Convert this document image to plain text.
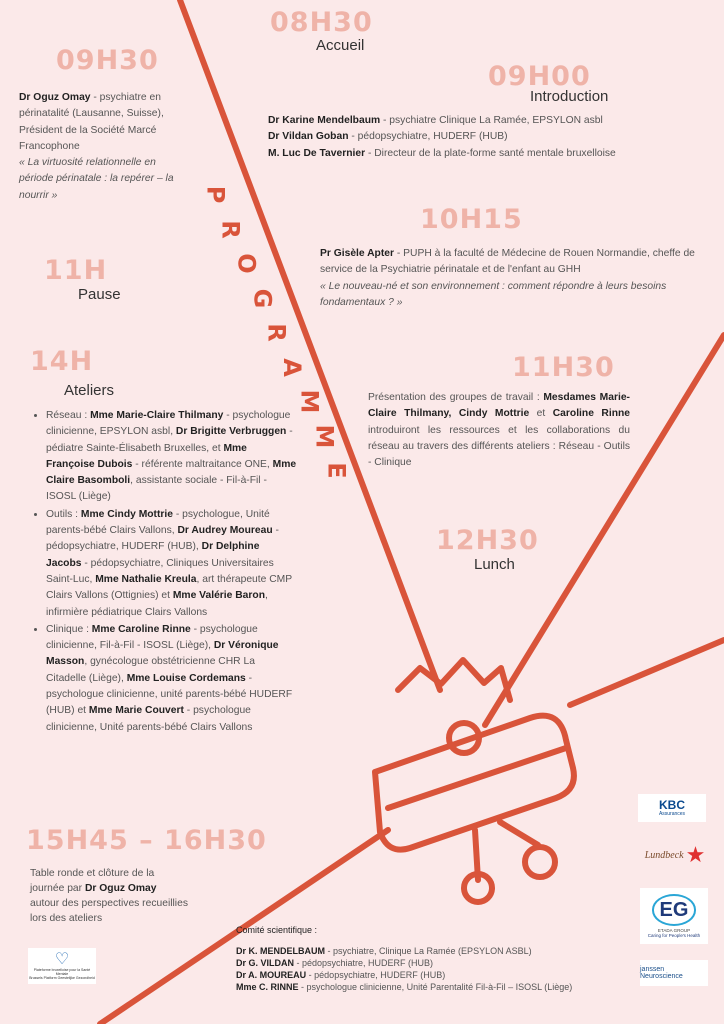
08H30
Accueil
09H30
Dr Oguz Omay - psychiatre en périnatalité (Lausanne, Suisse), Président de la Société Marcé Francophone
« La virtuosité relationnelle en période périnatale : la repérer – la nourrir »
09H00
Introduction
Dr Karine Mendelbaum - psychiatre Clinique La Ramée, EPSYLON asbl
Dr Vildan Goban - pédopsychiatre, HUDERF (HUB)
M. Luc De Tavernier - Directeur de la plate-forme santé mentale bruxelloise
10H15
Pr Gisèle Apter - PUPH à la faculté de Médecine de Rouen Normandie, cheffe de service de la Psychiatrie périnatale et de l'enfant au GHH
« Le nouveau-né et son environnement : comment répondre à leurs besoins fondamentaux ? »
11H
Pause
14H
Ateliers
• Réseau : Mme Marie-Claire Thilmany - psychologue clinicienne, EPSYLON asbl, Dr Brigitte Verbruggen - pédiatre Sainte-Élisabeth Bruxelles, et Mme Françoise Dubois - référente maltraitance ONE, Mme Claire Basomboli, assistante sociale - Fil-à-Fil - ISOSL (Liège)
• Outils : Mme Cindy Mottrie - psychologue, Unité parents-bébé Clairs Vallons, Dr Audrey Moureau - pédopsychiatre, HUDERF (HUB), Dr Delphine Jacobs - pédopsychiatre, Cliniques Universitaires Saint-Luc, Mme Nathalie Kreula, art thérapeute CMP Clairs Vallons (Ottignies) et Mme Valérie Baron, infirmière pédiatrique Clairs Vallons
• Clinique : Mme Caroline Rinne - psychologue clinicienne, Fil-à-Fil - ISOSL (Liège), Dr Véronique Masson, gynécologue obstétricienne CHR La Citadelle (Liège), Mme Louise Cordemans - psychologue clinicienne, unité parents-bébé HUDERF (HUB) et Mme Marie Couvert - psychologue clinicienne, Unité parents-bébé Clairs Vallons
11H30
Présentation des groupes de travail : Mesdames Marie-Claire Thilmany, Cindy Mottrie et Caroline Rinne introduiront les ressources et les collaborations du réseau au travers des différents ateliers : Réseau - Outils - Clinique
12H30
Lunch
15H45 – 16H30
Table ronde et clôture de la journée par Dr Oguz Omay autour des perspectives recueillies lors des ateliers
Comité scientifique :
Dr K. MENDELBAUM - psychiatre, Clinique La Ramée (EPSYLON ASBL)
Dr G. VILDAN - pédopsychiatre, HUDERF (HUB)
Dr A. MOUREAU - pédopsychiatre, HUDERF (HUB)
Mme C. RINNE - psychologue clinicienne, Unité Parentalité Fil-à-Fil – ISOSL (Liège)
KBC
Assurances
Lundbeck ★
EG
ETADA GROUP
Caring for People's Health
janssen Neuroscience
♡
Plateforme bruxelloise pour la Santé Mentale
Brussels Platform Geestelijke Gezondheid
P
R
O
G
R
A
M
M
E
